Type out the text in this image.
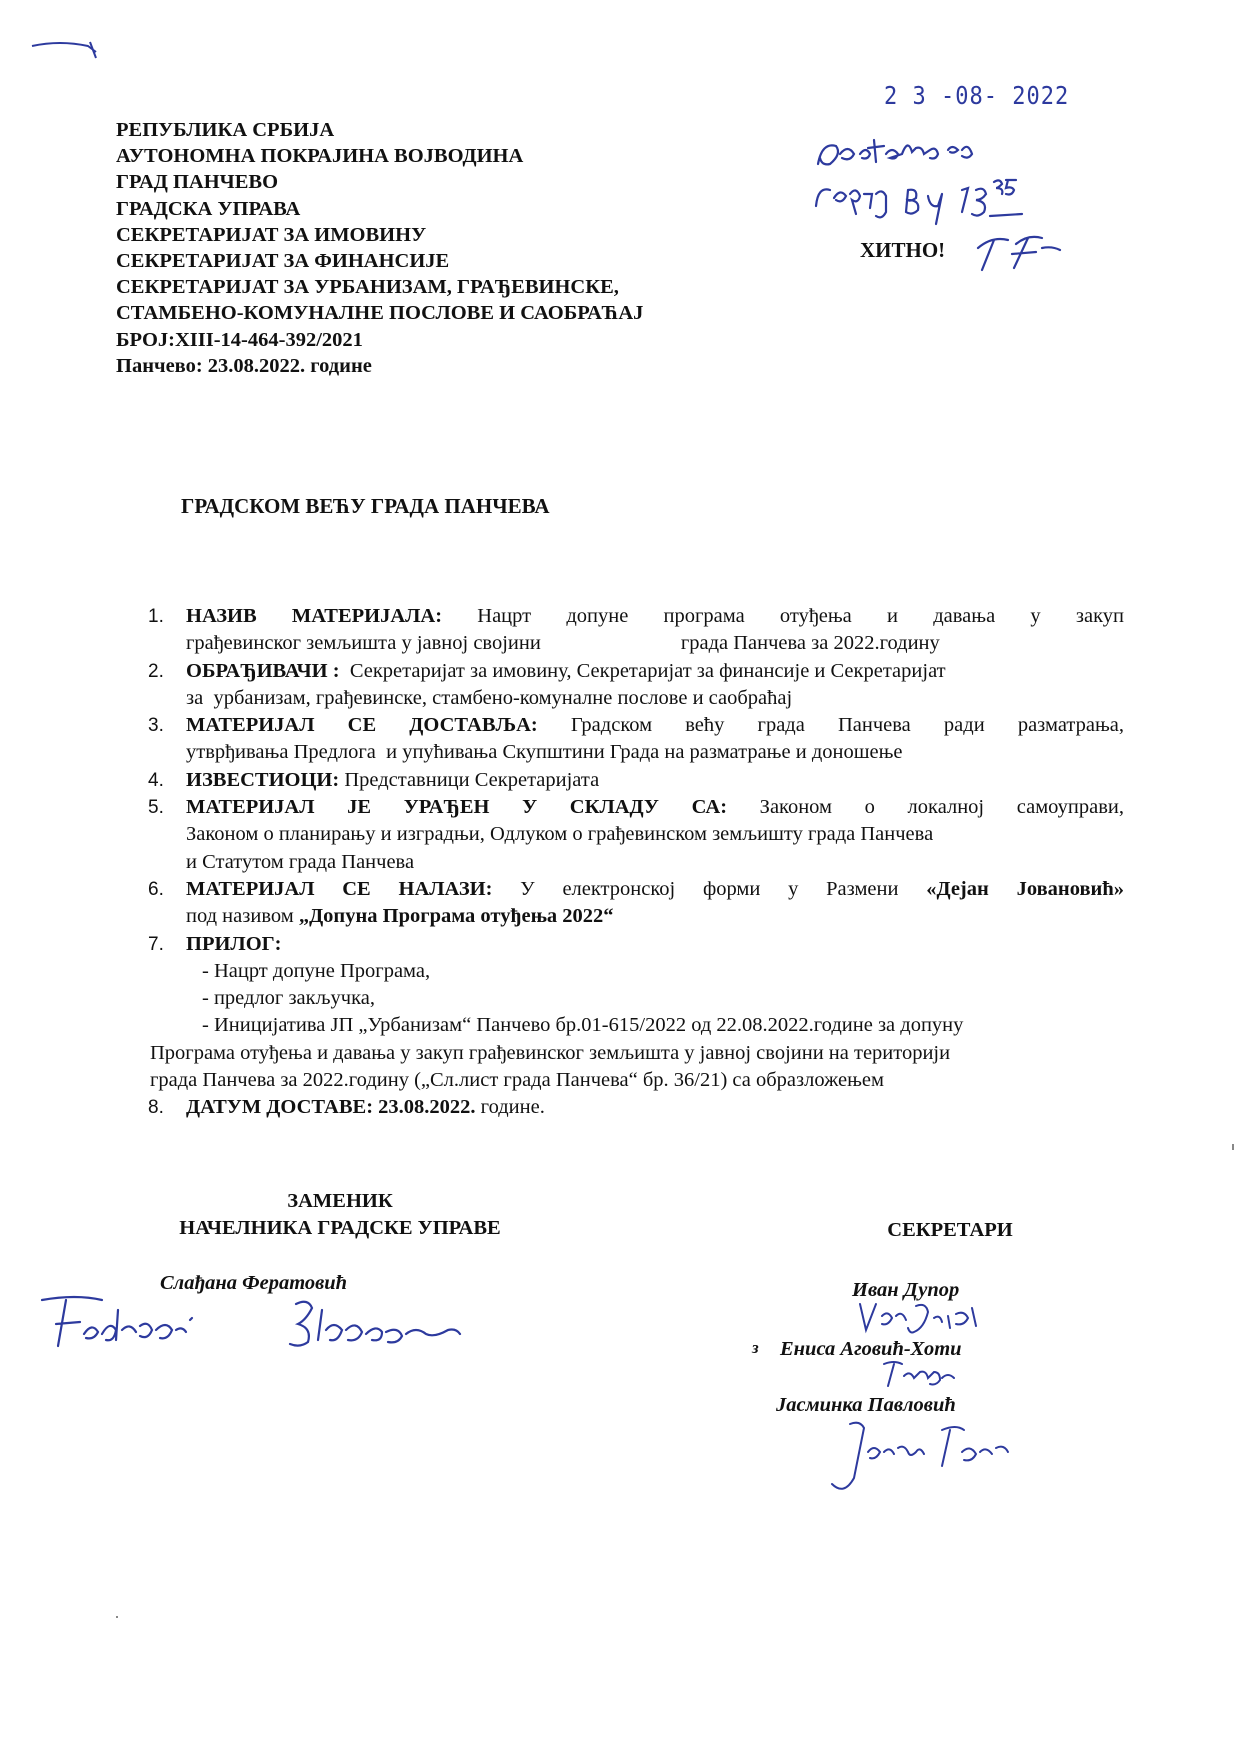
РЕПУБЛИКА СРБИЈА
АУТОНОМНА ПОКРАЈИНА ВОЈВОДИНА
ГРАД ПАНЧЕВО
ГРАДСКА УПРАВА
СЕКРЕТАРИЈАТ ЗА ИМОВИНУ
СЕКРЕТАРИЈАТ ЗА ФИНАНСИЈЕ
СЕКРЕТАРИЈАТ ЗА УРБАНИЗАМ, ГРАЂЕВИНСКЕ,
СТАМБЕНО-КОМУНАЛНЕ ПОСЛОВЕ И САОБРАЋАЈ
БРОЈ:XIII-14-464-392/2021
Панчево: 23.08.2022. године
2 3 -08- 2022
ХИТНО!
ГРАДСКОМ ВЕЋУ ГРАДА ПАНЧЕВА
1. НАЗИВ МАТЕРИЈАЛА: Нацрт допуне програма отуђења и давања у закуп
грађевинског земљишта у јавној својини	града Панчева за 2022.годину
2. ОБРАЂИВАЧИ :  Секретаријат за имовину, Секретаријат за финансије и Секретаријат
за  урбанизам, грађевинске, стамбено-комуналне послове и саобраћај
3. МАТЕРИЈАЛ СЕ ДОСТАВЉА: Градском већу града Панчева ради разматрања,
утврђивања Предлога  и упућивања Скупштини Града на разматрање и доношење
4. ИЗВЕСТИОЦИ: Представници Секретаријата
5. МАТЕРИЈАЛ ЈЕ УРАЂЕН У СКЛАДУ СА: Законом о локалној самоуправи,
Законом о планирању и изградњи, Одлуком о грађевинском земљишту града Панчева
и Статутом града Панчева
6. МАТЕРИЈАЛ СЕ НАЛАЗИ: У електронској форми у Размени «Дејан Јовановић»
под називом „Допуна Програма отуђења 2022“
7. ПРИЛОГ:
- Нацрт допуне Програма,
- предлог закључка,
- Иницијатива ЈП „Урбанизам“ Панчево бр.01-615/2022 од 22.08.2022.године за допуну
Програма отуђења и давања у закуп грађевинског земљишта у јавној својини на територији
града Панчева за 2022.годину („Сл.лист града Панчева“ бр. 36/21) са образложењем
8. ДАТУМ ДОСТАВЕ: 23.08.2022. године.
ЗАМЕНИК
НАЧЕЛНИКА ГРАДСКЕ УПРАВЕ
Слађана Фератовић
СЕКРЕТАРИ
Иван Дупор
з Ениса Аговић-Хоти
Јасминка Павловић
